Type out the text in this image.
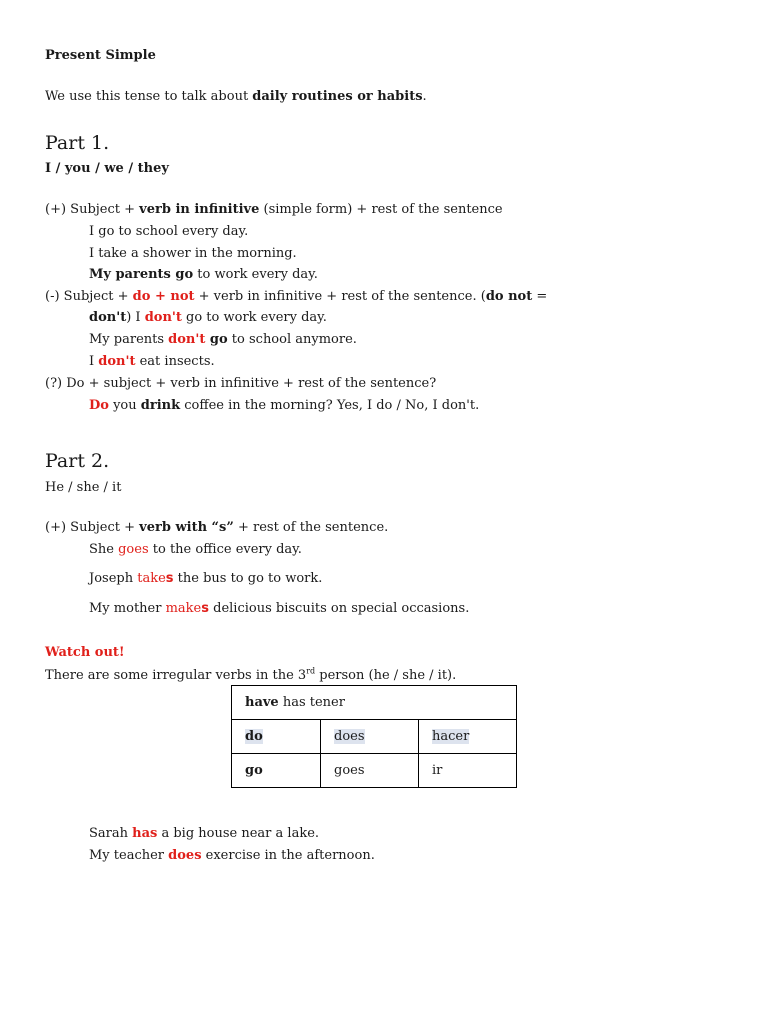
Present Simple
We use this tense to talk about daily routines or habits.
Part 1.
I / you / we / they
(+) Subject + verb in infinitive (simple form) + rest of the sentence
I go to school every day.
I take a shower in the morning.
My parents go to work every day.
(-) Subject + do + not + verb in infinitive + rest of the sentence. (do not =
don't) I don't go to work every day.
My parents don't go to school anymore.
I don't eat insects.
(?) Do + subject + verb in infinitive + rest of the sentence?
Do you drink coffee in the morning? Yes, I do / No, I don't.
Part 2.
He / she / it
(+) Subject + verb with “s” + rest of the sentence.
She goes to the office every day.
Joseph takes the bus to go to work.
My mother makes delicious biscuits on special occasions.
Watch out!
There are some irregular verbs in the 3rd person (he / she / it).
have has tener		
do	does	hacer
go	goes	ir
Sarah has a big house near a lake.
My teacher does exercise in the afternoon.
